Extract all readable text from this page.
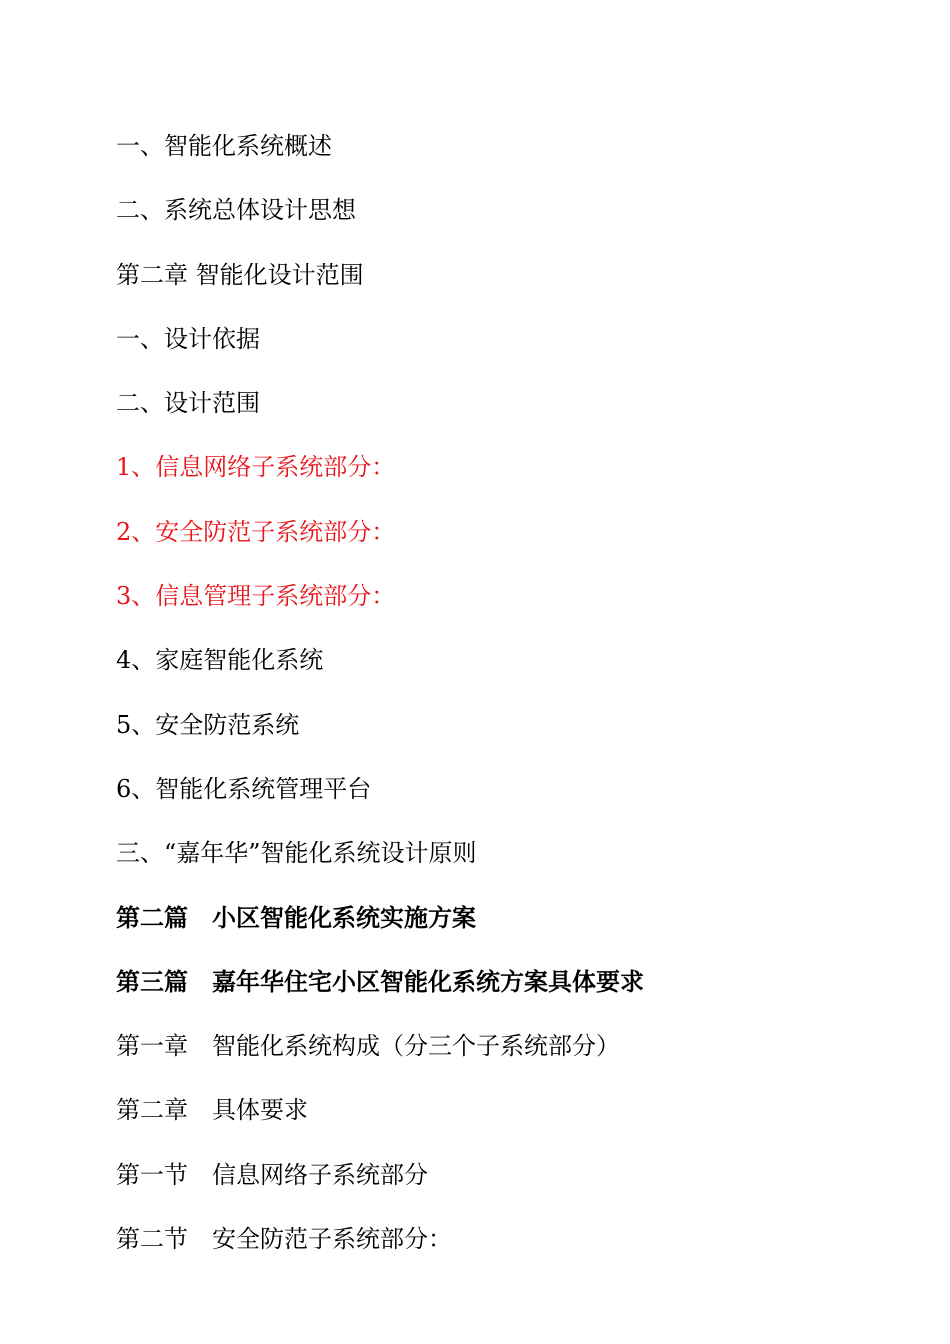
一、智能化系统概述
二、系统总体设计思想
第二章 智能化设计范围
一、设计依据
二、设计范围
1、信息网络子系统部分：
2、安全防范子系统部分：
3、信息管理子系统部分：
4、家庭智能化系统
5、安全防范系统
6、智能化系统管理平台
三、“嘉年华”智能化系统设计原则
第二篇　小区智能化系统实施方案
第三篇　嘉年华住宅小区智能化系统方案具体要求
第一章　智能化系统构成（分三个子系统部分）
第二章　具体要求
第一节　信息网络子系统部分
第二节　安全防范子系统部分：
